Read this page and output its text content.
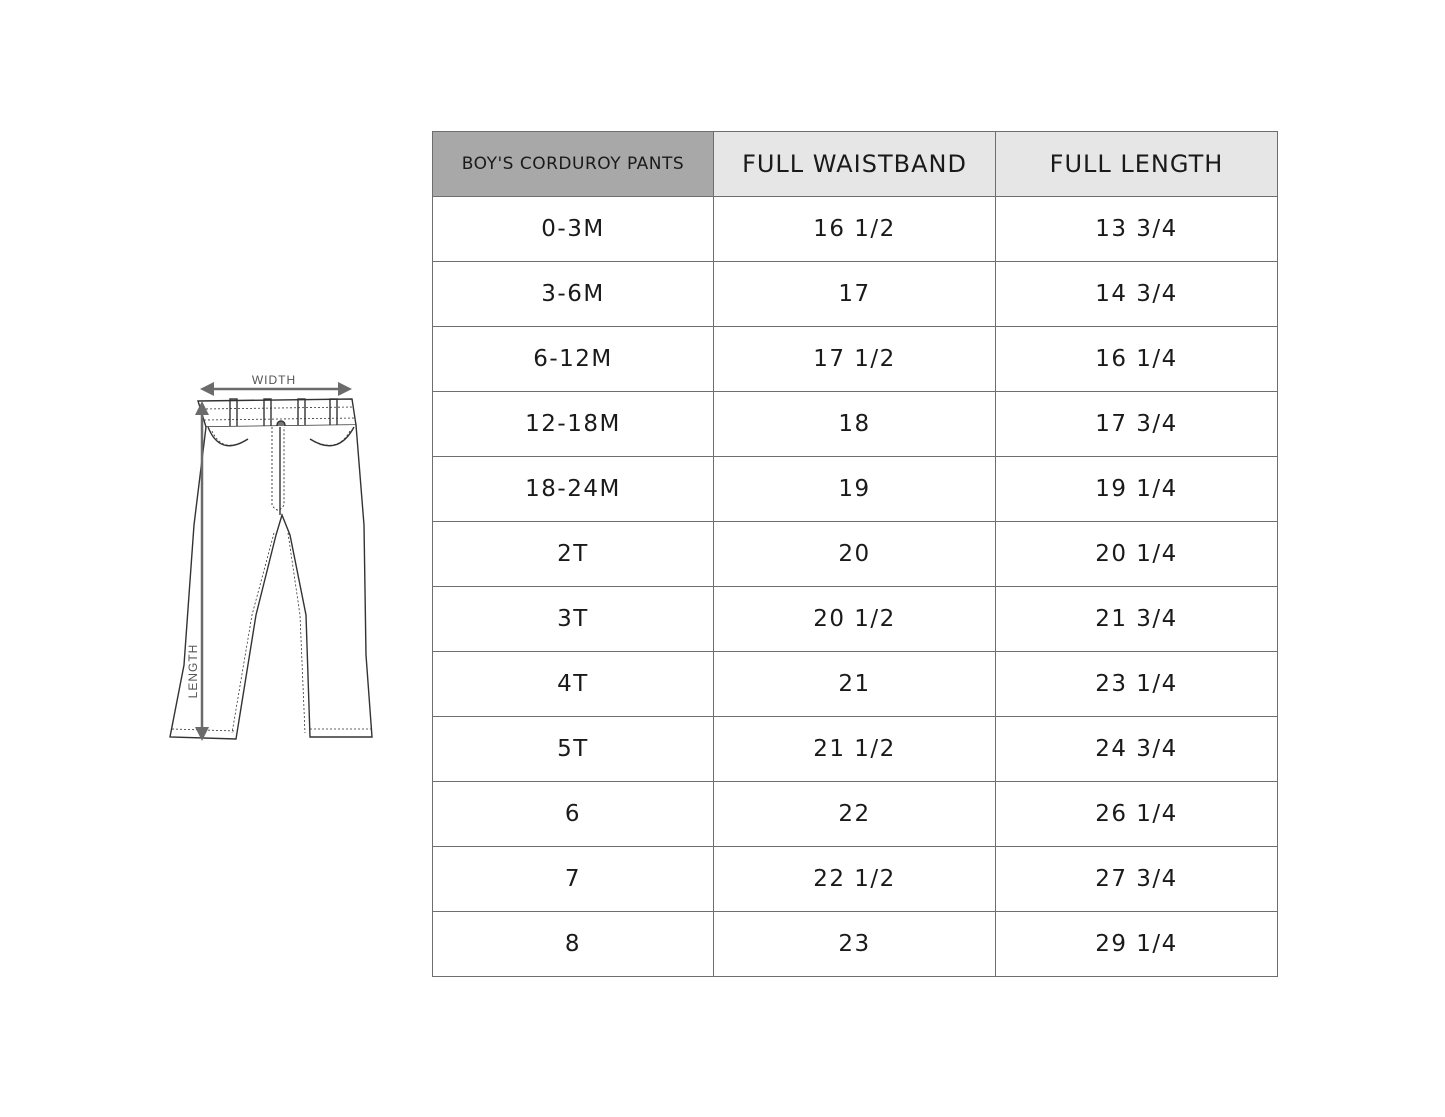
WIDTH
LENGTH
BOY'S CORDUROY PANTS	FULL WAISTBAND	FULL LENGTH
0-3M	16 1/2	13 3/4
3-6M	17	14 3/4
6-12M	17 1/2	16 1/4
12-18M	18	17 3/4
18-24M	19	19 1/4
2T	20	20 1/4
3T	20 1/2	21 3/4
4T	21	23 1/4
5T	21 1/2	24 3/4
6	22	26 1/4
7	22 1/2	27 3/4
8	23	29 1/4
